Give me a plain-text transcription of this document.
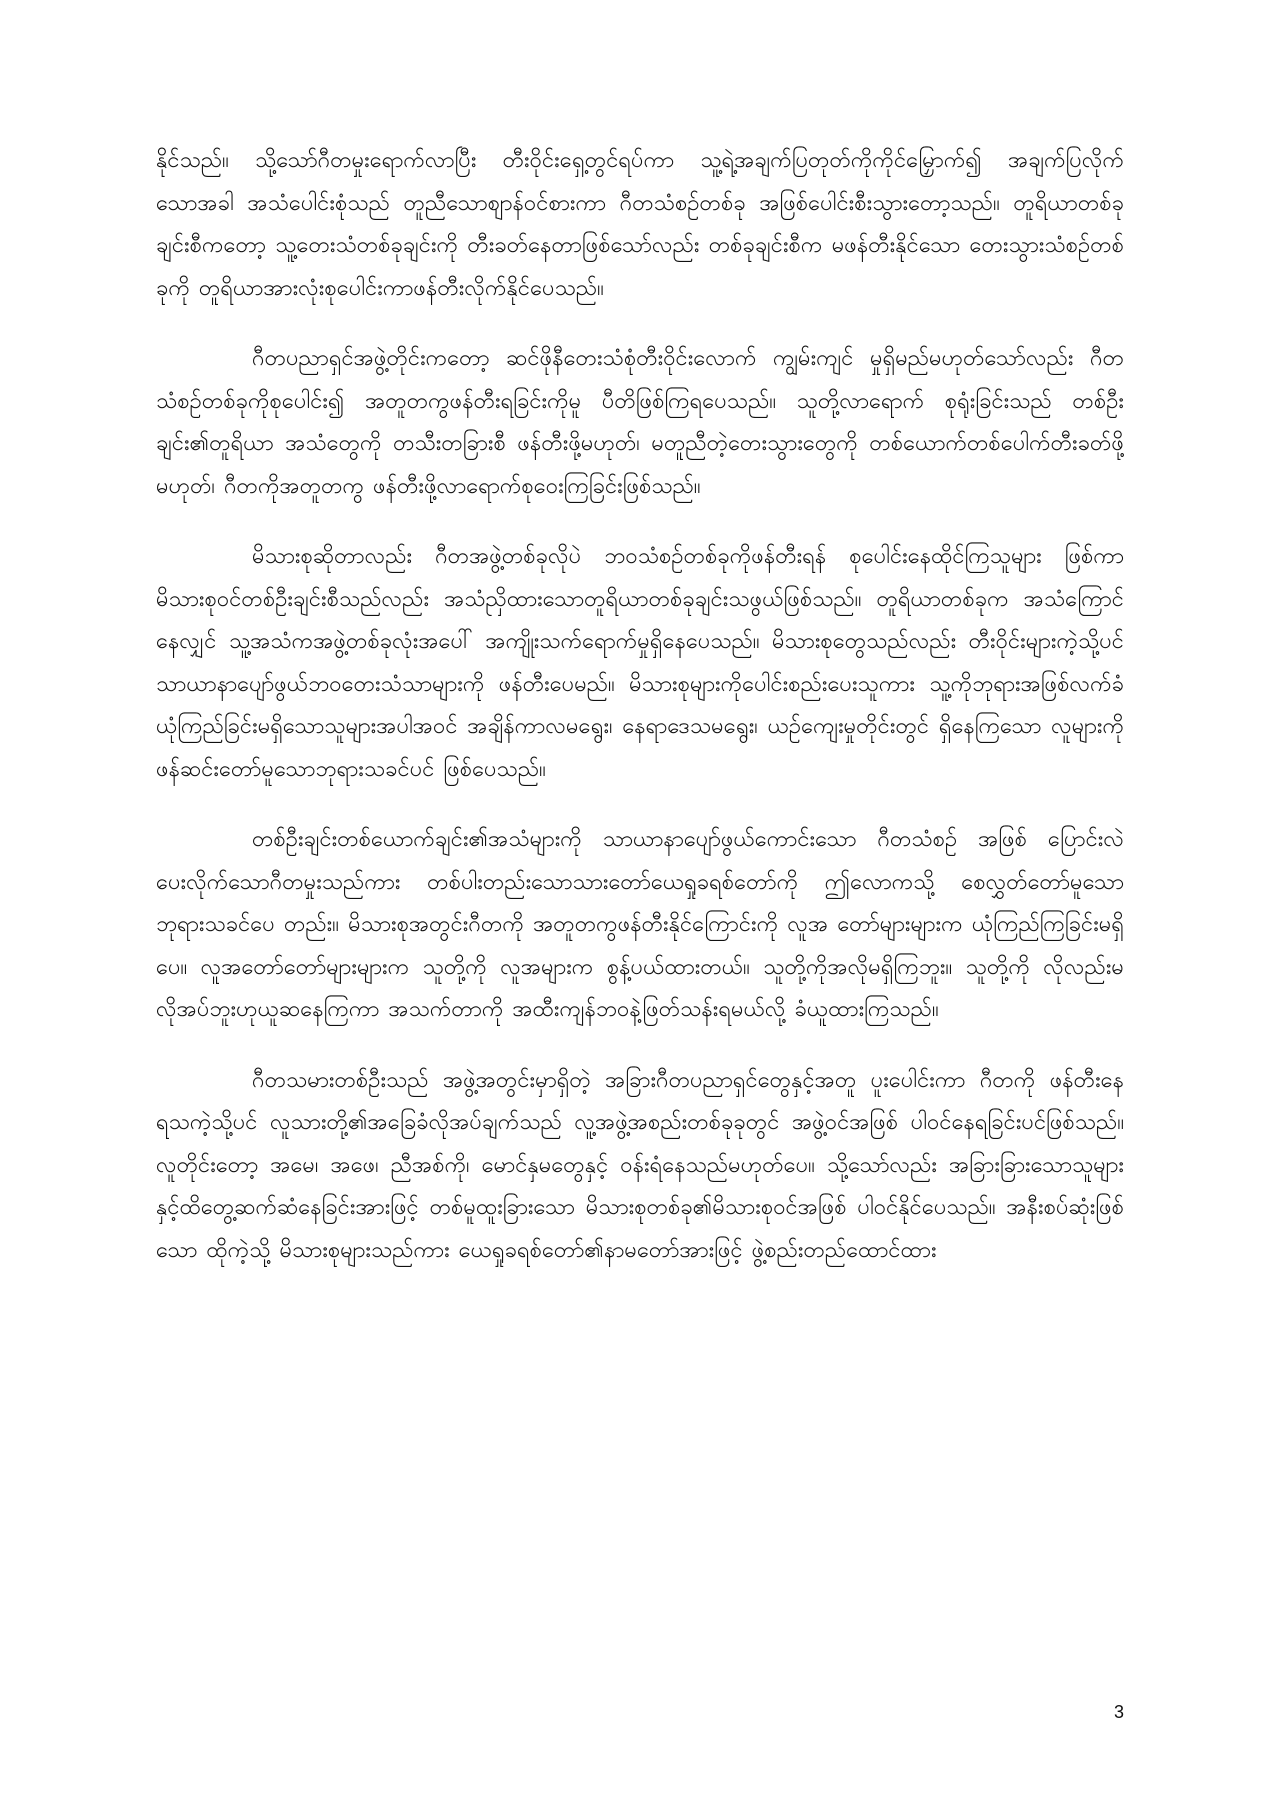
နိုင်သည်။ သို့သော်ဂီတမှုးရောက်လာပြီး တီးဝိုင်းရှေ့တွင်ရပ်ကာ သူ့ရဲ့အချက်ပြတုတ်ကိုကိုင်မြှောက်၍ အချက်ပြလိုက်သောအခါ အသံပေါင်းစုံသည် တူညီသောစျာန်ဝင်စားကာ ဂီတသံစဉ်တစ်ခု အဖြစ်ပေါင်းစီးသွားတော့သည်။ တူရိယာတစ်ခုချင်းစီကတော့ သူ့တေးသံတစ်ခုချင်းကို တီးခတ်နေတာဖြစ်သော်လည်း တစ်ခုချင်းစီက မဖန်တီးနိုင်သော တေးသွားသံစဉ်တစ်ခုကို တူရိယာအားလုံးစုပေါင်းကာဖန်တီးလိုက်နိုင်ပေသည်။

ဂီတပညာရှင်အဖွဲ့တိုင်းကတော့ ဆင်ဖိုနီတေးသံစုံတီးဝိုင်းလောက် ကျွမ်းကျင် မှုရှိမည်မဟုတ်သော်လည်း ဂီတသံစဉ်တစ်ခုကိုစုပေါင်း၍ အတူတကွဖန်တီးရခြင်းကိုမူ ပီတိဖြစ်ကြရပေသည်။ သူတို့လာရောက် စုရုံးခြင်းသည် တစ်ဦးချင်း၏တူရိယာ အသံတွေကို တသီးတခြားစီ ဖန်တီးဖို့မဟုတ်၊ မတူညီတဲ့တေးသွားတွေကို တစ်ယောက်တစ်ပေါက်တီးခတ်ဖို့မဟုတ်၊ ဂီတကိုအတူတကွ ဖန်တီးဖို့လာရောက်စုဝေးကြခြင်းဖြစ်သည်။

မိသားစုဆိုတာလည်း ဂီတအဖွဲ့တစ်ခုလိုပဲ ဘဝသံစဉ်တစ်ခုကိုဖန်တီးရန် စုပေါင်းနေထိုင်ကြသူများ ဖြစ်ကာ မိသားစုဝင်တစ်ဦးချင်းစီသည်လည်း အသံညှိထားသောတူရိယာတစ်ခုချင်းသဖွယ်ဖြစ်သည်။ တူရိယာတစ်ခုက အသံကြောင်နေလျှင် သူ့အသံကအဖွဲ့တစ်ခုလုံးအပေါ် အကျိုးသက်ရောက်မှုရှိနေပေသည်။ မိသားစုတွေသည်လည်း တီးဝိုင်းများကဲ့သို့ပင် သာယာနာပျော်ဖွယ်ဘဝတေးသံသာများကို ဖန်တီးပေမည်။ မိသားစုများကိုပေါင်းစည်းပေးသူကား သူ့ကိုဘုရားအဖြစ်လက်ခံယုံကြည်ခြင်းမရှိသောသူများအပါအဝင် အချိန်ကာလမရွေး၊ နေရာဒေသမရွေး၊ ယဉ်ကျေးမှုတိုင်းတွင် ရှိနေကြသော လူများကိုဖန်ဆင်းတော်မူသောဘုရားသခင်ပင် ဖြစ်ပေသည်။

တစ်ဦးချင်းတစ်ယောက်ချင်း၏အသံများကို သာယာနာပျော်ဖွယ်ကောင်းသော ဂီတသံစဉ် အဖြစ် ပြောင်းလဲပေးလိုက်သောဂီတမှုးသည်ကား တစ်ပါးတည်းသောသားတော်ယေရှုခရစ်တော်ကို ဤလောကသို့ စေလွှတ်တော်မူသော ဘုရားသခင်ပေ တည်း။ မိသားစုအတွင်းဂီတကို အတူတကွဖန်တီးနိုင်ကြောင်းကို လူအ တော်များများက ယုံကြည်ကြခြင်းမရှိပေ။ လူအတော်တော်များများက သူတို့ကို လူအများက စွန့်ပယ်ထားတယ်။ သူတို့ကိုအလိုမရှိကြဘူး။ သူတို့ကို လိုလည်းမလိုအပ်ဘူးဟုယူဆနေကြကာ အသက်တာကို အထီးကျန်ဘဝနဲ့ဖြတ်သန်းရမယ်လို့ ခံယူထားကြသည်။

ဂီတသမားတစ်ဦးသည် အဖွဲ့အတွင်းမှာရှိတဲ့ အခြားဂီတပညာရှင်တွေနှင့်အတူ ပူးပေါင်းကာ ဂီတကို ဖန်တီးနေရသကဲ့သို့ပင် လူသားတို့၏အခြေခံလိုအပ်ချက်သည် လူ့အဖွဲ့အစည်းတစ်ခုခုတွင် အဖွဲ့ဝင်အဖြစ် ပါဝင်နေရခြင်းပင်ဖြစ်သည်။ လူတိုင်းတော့ အမေ၊ အဖေ၊ ညီအစ်ကို၊ မောင်နှမတွေနှင့် ဝန်းရံနေသည်မဟုတ်ပေ။ သို့သော်လည်း အခြားခြားသောသူများနှင့်ထိတွေ့ဆက်ဆံနေခြင်းအားဖြင့် တစ်မူထူးခြားသော မိသားစုတစ်ခု၏မိသားစုဝင်အဖြစ် ပါဝင်နိုင်ပေသည်။ အနီးစပ်ဆုံးဖြစ်သော ထိုကဲ့သို့ မိသားစုများသည်ကား ယေရှုခရစ်တော်၏နာမတော်အားဖြင့် ဖွဲ့စည်းတည်ထောင်ထား

3
